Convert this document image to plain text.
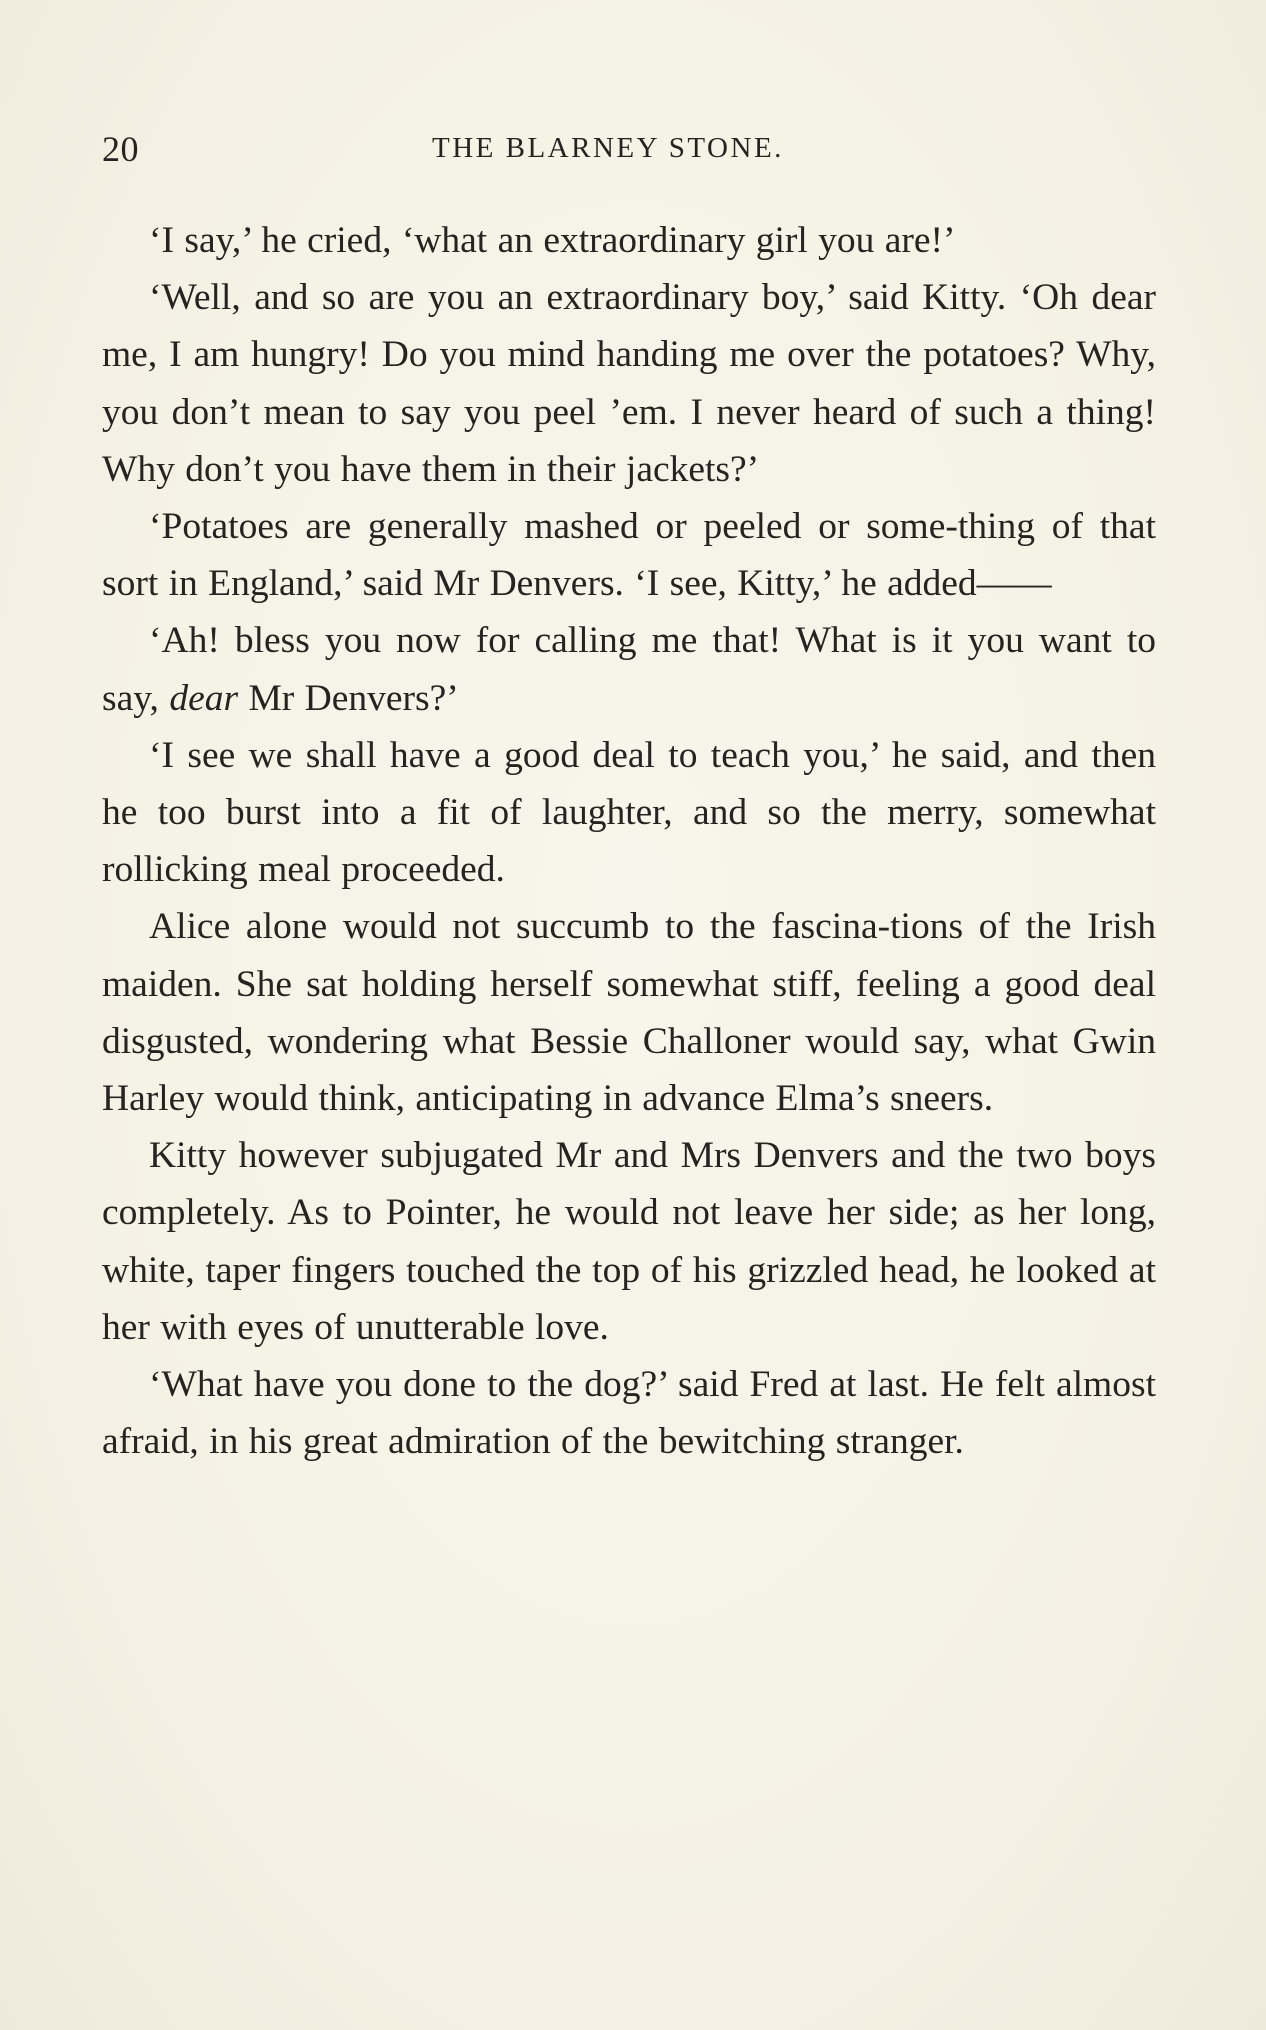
20	THE BLARNEY STONE.

‘I say,’ he cried, ‘what an extraordinary girl you are!’

‘Well, and so are you an extraordinary boy,’ said Kitty. ‘Oh dear me, I am hungry! Do you mind handing me over the potatoes? Why, you don’t mean to say you peel ’em. I never heard of such a thing! Why don’t you have them in their jackets?’

‘Potatoes are generally mashed or peeled or some-thing of that sort in England,’ said Mr Denvers. ‘I see, Kitty,’ he added——

‘Ah! bless you now for calling me that! What is it you want to say, dear Mr Denvers?’

‘I see we shall have a good deal to teach you,’ he said, and then he too burst into a fit of laughter, and so the merry, somewhat rollicking meal proceeded.

Alice alone would not succumb to the fascina-tions of the Irish maiden. She sat holding herself somewhat stiff, feeling a good deal disgusted, wondering what Bessie Challoner would say, what Gwin Harley would think, anticipating in advance Elma’s sneers.

Kitty however subjugated Mr and Mrs Denvers and the two boys completely. As to Pointer, he would not leave her side; as her long, white, taper fingers touched the top of his grizzled head, he looked at her with eyes of unutterable love.

‘What have you done to the dog?’ said Fred at last. He felt almost afraid, in his great admiration of the bewitching stranger.
